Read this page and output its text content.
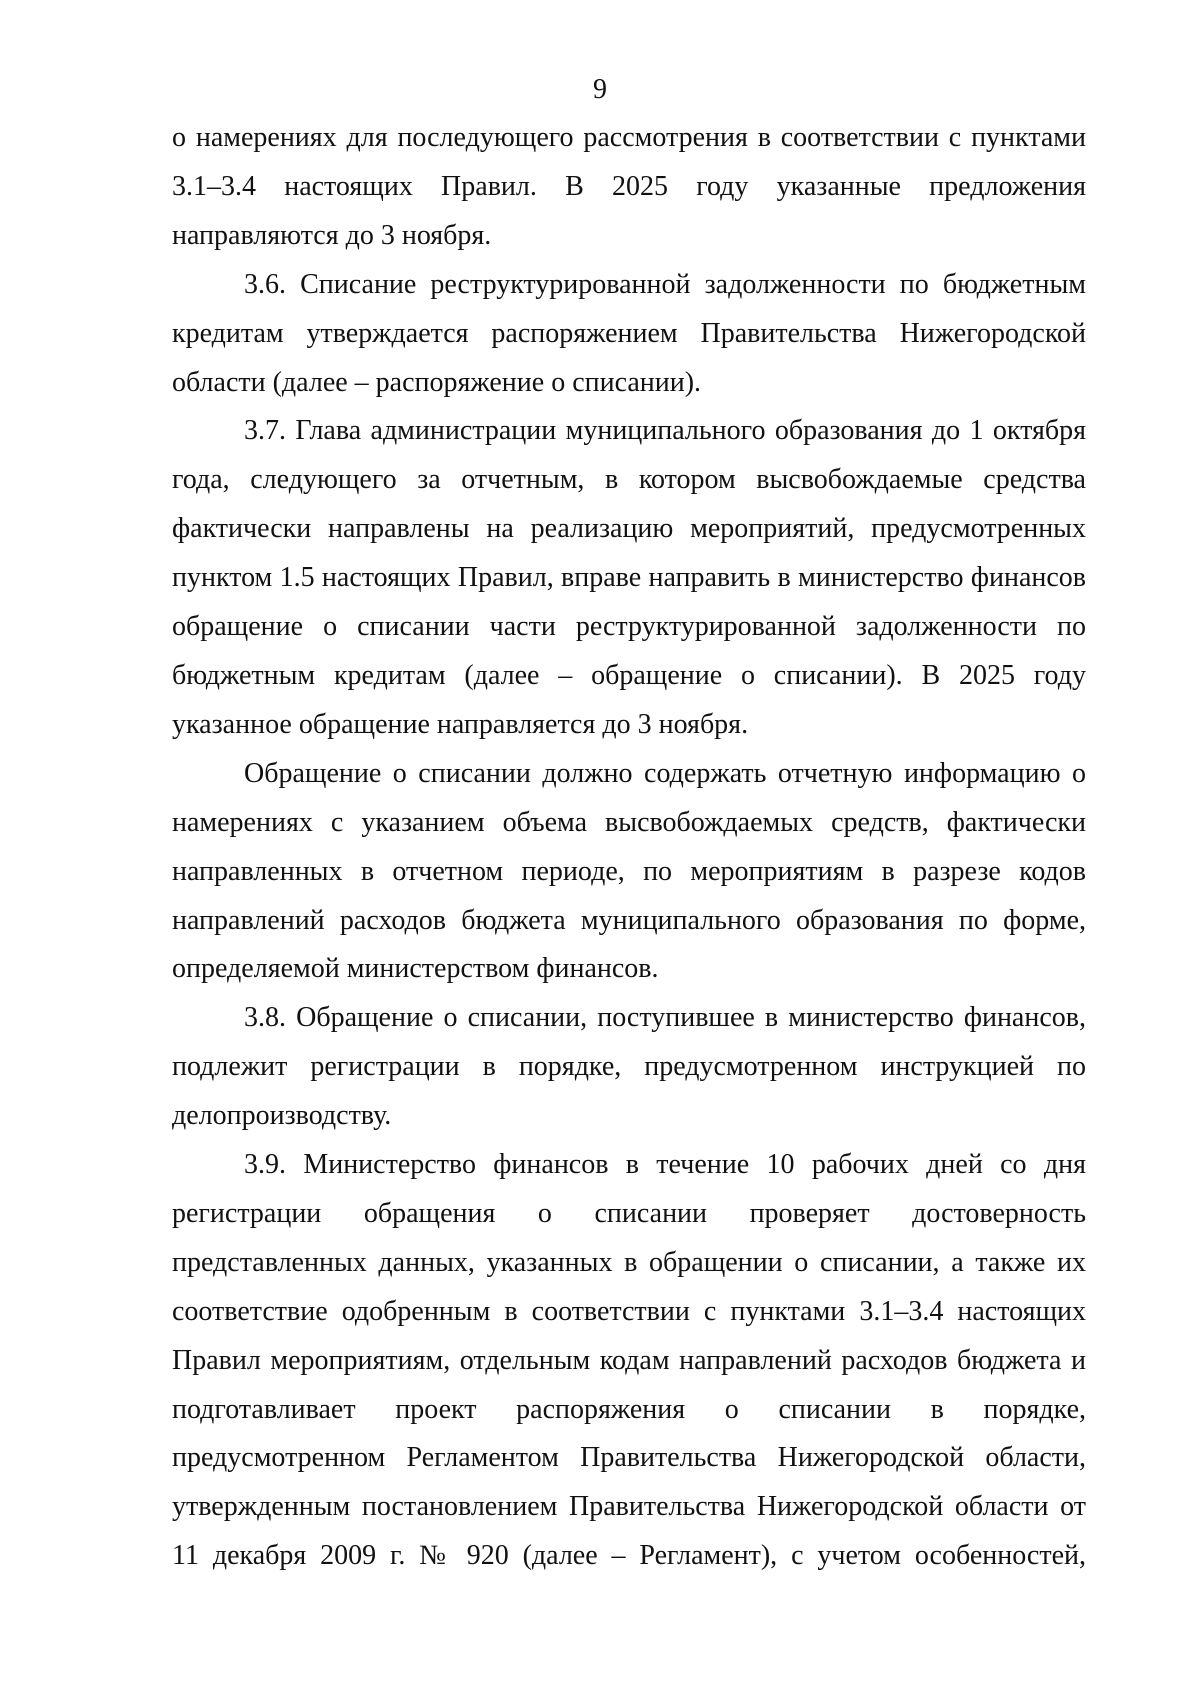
9

о намерениях для последующего рассмотрения в соответствии с пунктами 3.1–3.4 настоящих Правил. В 2025 году указанные предложения направляются до 3 ноября.

3.6. Списание реструктурированной задолженности по бюджетным кредитам утверждается распоряжением Правительства Нижегородской области (далее – распоряжение о списании).

3.7. Глава администрации муниципального образования до 1 октября года, следующего за отчетным, в котором высвобождаемые средства фактически направлены на реализацию мероприятий, предусмотренных пунктом 1.5 настоящих Правил, вправе направить в министерство финансов обращение о списании части реструктурированной задолженности по бюджетным кредитам (далее – обращение о списании). В 2025 году указанное обращение направляется до 3 ноября.

Обращение о списании должно содержать отчетную информацию о намерениях с указанием объема высвобождаемых средств, фактически направленных в отчетном периоде, по мероприятиям в разрезе кодов направлений расходов бюджета муниципального образования по форме, определяемой министерством финансов.

3.8. Обращение о списании, поступившее в министерство финансов, подлежит регистрации в порядке, предусмотренном инструкцией по делопроизводству.

3.9. Министерство финансов в течение 10 рабочих дней со дня регистрации обращения о списании проверяет достоверность представленных данных, указанных в обращении о списании, а также их соответствие одобренным в соответствии с пунктами 3.1–3.4 настоящих Правил мероприятиям, отдельным кодам направлений расходов бюджета и подготавливает проект распоряжения о списании в порядке, предусмотренном Регламентом Правительства Нижегородской области, утвержденным постановлением Правительства Нижегородской области от 11 декабря 2009 г. № 920 (далее – Регламент), с учетом особенностей,
